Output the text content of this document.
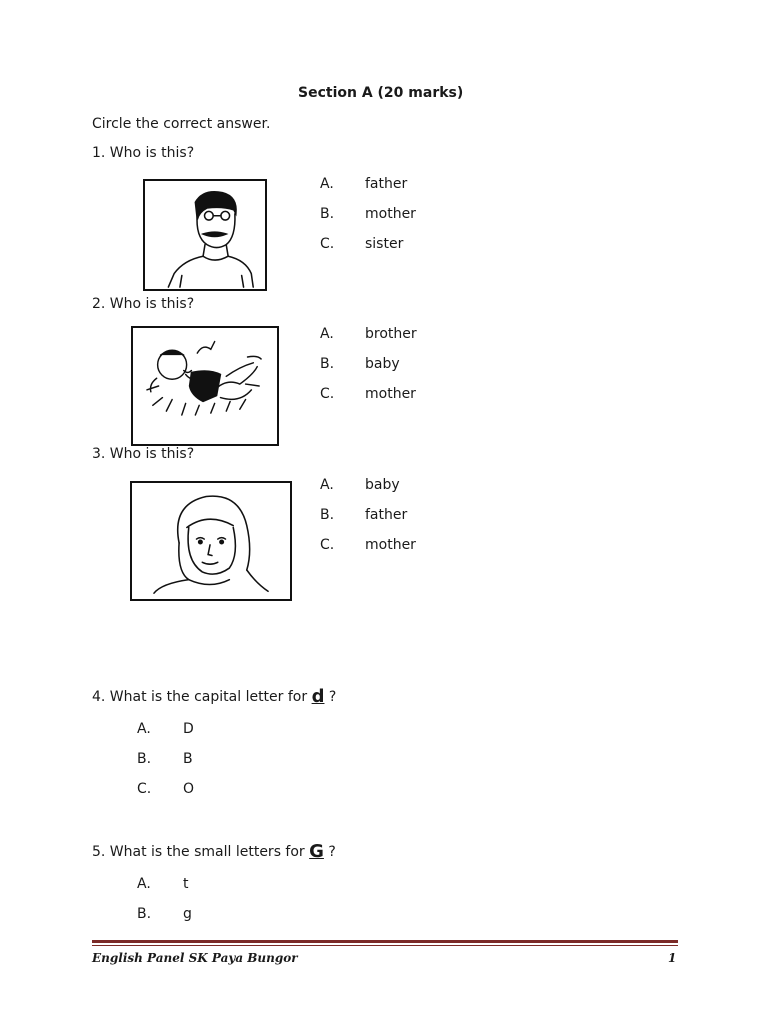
Section A (20 marks)
Circle the correct answer.
1. Who is this?
A. father
B. mother
C. sister
2. Who is this?
A. brother
B. baby
C. mother
3. Who is this?
A. baby
B. father
C. mother
4. What is the capital letter for d ?
A. D
B. B
C. O
5. What is the small letters for G ?
A. t
B. g
English Panel SK Paya Bungor	1
